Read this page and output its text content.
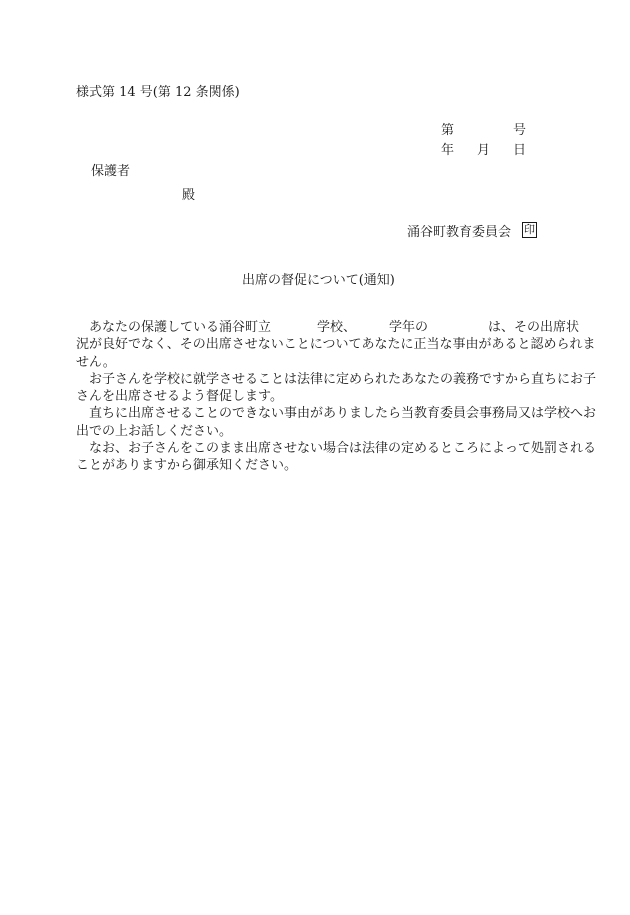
様式第 14 号(第 12 条関係)
第	号
年 月 日
保護者
殿
涌谷町教育委員会 印
出席の督促について(通知)
あなたの保護している涌谷町立	学校、	学年の	は、その出席状
況が良好でなく、その出席させないことについてあなたに正当な事由があると認められま
せん。
お子さんを学校に就学させることは法律に定められたあなたの義務ですから直ちにお子
さんを出席させるよう督促します。
直ちに出席させることのできない事由がありましたら当教育委員会事務局又は学校へお
出での上お話しください。
なお、お子さんをこのまま出席させない場合は法律の定めるところによって処罰される
ことがありますから御承知ください。
